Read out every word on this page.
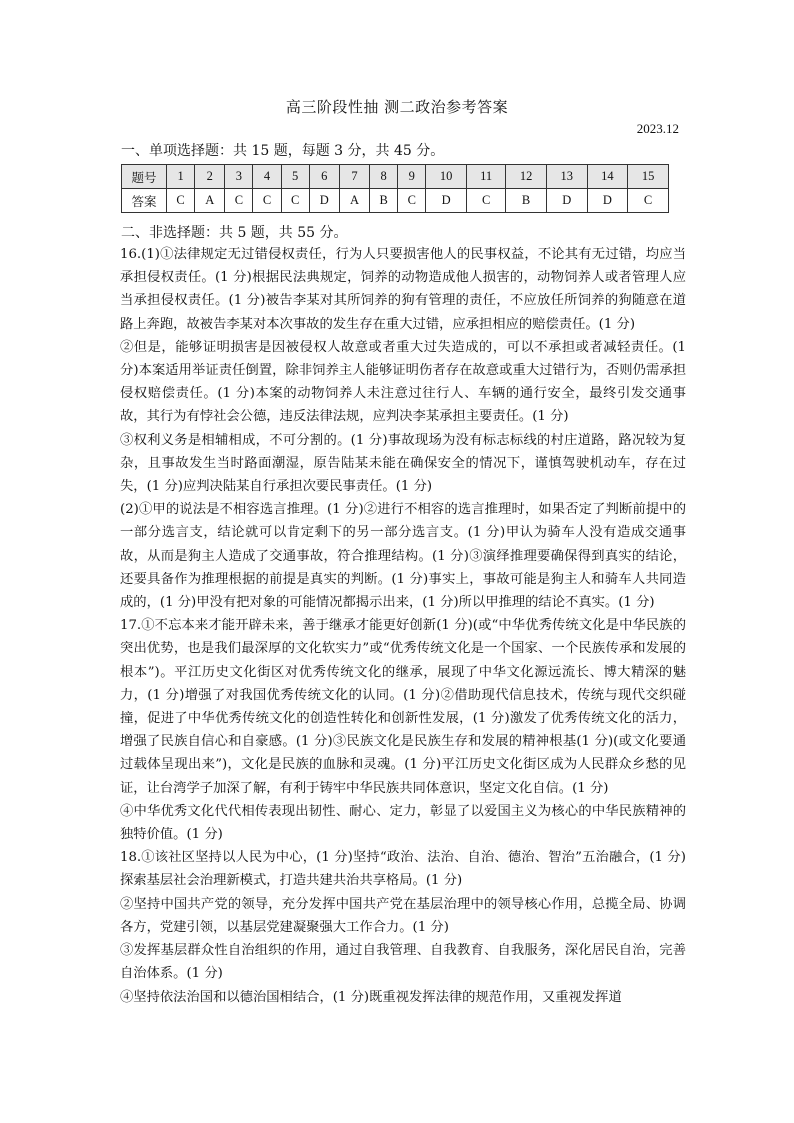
高三阶段性抽 测二政治参考答案
2023.12
一、单项选择题：共 15 题，每题 3 分，共 45 分。
题号	1	2	3	4	5	6	7	8	9	10	11	12	13	14	15
答案	C	A	C	C	C	D	A	B	C	D	C	B	D	D	C
二、非选择题：共 5 题，共 55 分。

16.(1)①法律规定无过错侵权责任，行为人只要损害他人的民事权益，不论其有无过错，均应当承担侵权责任。(1 分)根据民法典规定，饲养的动物造成他人损害的，动物饲养人或者管理人应当承担侵权责任。(1 分)被告李某对其所饲养的狗有管理的责任，不应放任所饲养的狗随意在道路上奔跑，故被告李某对本次事故的发生存在重大过错，应承担相应的赔偿责任。(1 分)

②但是，能够证明损害是因被侵权人故意或者重大过失造成的，可以不承担或者减轻责任。(1 分)本案适用举证责任倒置，除非饲养主人能够证明伤者存在故意或重大过错行为，否则仍需承担侵权赔偿责任。(1 分)本案的动物饲养人未注意过往行人、车辆的通行安全，最终引发交通事故，其行为有悖社会公德，违反法律法规，应判决李某承担主要责任。(1 分)

③权利义务是相辅相成，不可分割的。(1 分)事故现场为没有标志标线的村庄道路，路况较为复杂，且事故发生当时路面潮湿，原告陆某未能在确保安全的情况下，谨慎驾驶机动车，存在过失，(1 分)应判决陆某自行承担次要民事责任。(1 分)

(2)①甲的说法是不相容选言推理。(1 分)②进行不相容的选言推理时，如果否定了判断前提中的一部分选言支，结论就可以肯定剩下的另一部分选言支。(1 分)甲认为骑车人没有造成交通事故，从而是狗主人造成了交通事故，符合推理结构。(1 分)③演绎推理要确保得到真实的结论，还要具备作为推理根据的前提是真实的判断。(1 分)事实上，事故可能是狗主人和骑车人共同造成的，(1 分)甲没有把对象的可能情况都揭示出来，(1 分)所以甲推理的结论不真实。(1 分)

17.①不忘本来才能开辟未来，善于继承才能更好创新(1 分)(或“中华优秀传统文化是中华民族的突出优势，也是我们最深厚的文化软实力”或“优秀传统文化是一个国家、一个民族传承和发展的根本”)。平江历史文化街区对优秀传统文化的继承，展现了中华文化源远流长、博大精深的魅力，(1 分)增强了对我国优秀传统文化的认同。(1 分)②借助现代信息技术，传统与现代交织碰撞，促进了中华优秀传统文化的创造性转化和创新性发展，(1 分)激发了优秀传统文化的活力，增强了民族自信心和自豪感。(1 分)③民族文化是民族生存和发展的精神根基(1 分)(或文化要通过载体呈现出来”)，文化是民族的血脉和灵魂。(1 分)平江历史文化街区成为人民群众乡愁的见证，让台湾学子加深了解，有利于铸牢中华民族共同体意识，坚定文化自信。(1 分)

④中华优秀文化代代相传表现出韧性、耐心、定力，彰显了以爱国主义为核心的中华民族精神的独特价值。(1 分)

18.①该社区坚持以人民为中心，(1 分)坚持“政治、法治、自治、德治、智治”五治融合，(1 分)探索基层社会治理新模式，打造共建共治共享格局。(1 分)

②坚持中国共产党的领导，充分发挥中国共产党在基层治理中的领导核心作用，总揽全局、协调各方，党建引领，以基层党建凝聚强大工作合力。(1 分)

③发挥基层群众性自治组织的作用，通过自我管理、自我教育、自我服务，深化居民自治，完善自治体系。(1 分)

④坚持依法治国和以德治国相结合，(1 分)既重视发挥法律的规范作用，又重视发挥道
